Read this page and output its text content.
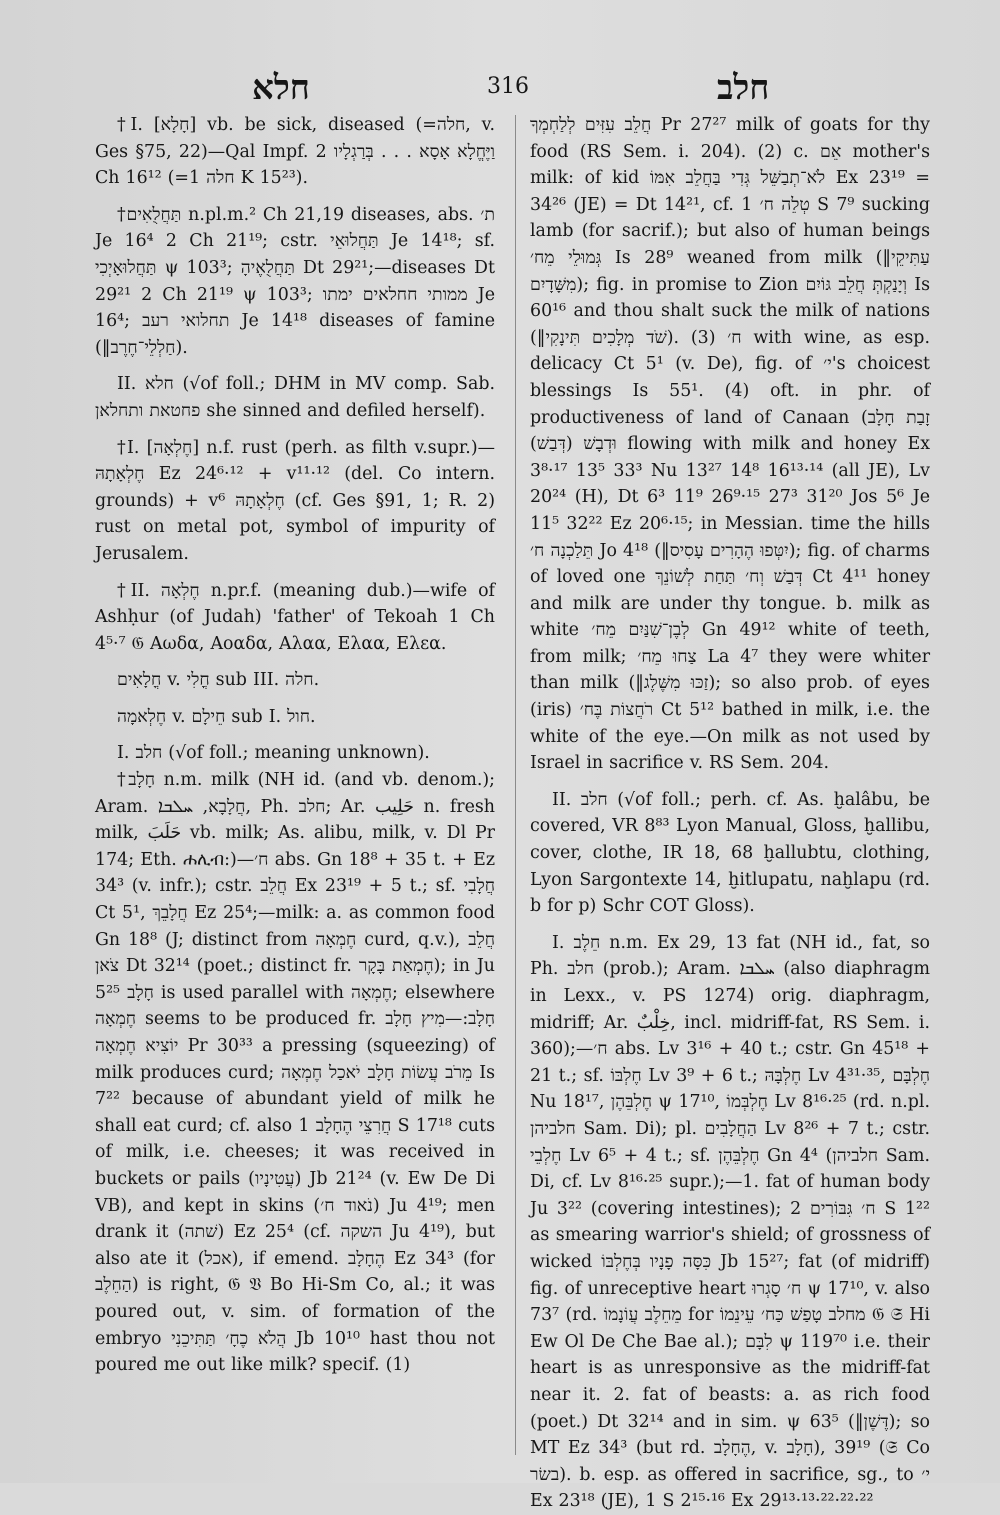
חלא	316	חלב

†I. [חָלָא] vb. be sick, diseased (=חלה, v. Ges §75, 22)—Qal Impf. וַיֶּחֱלָא אָסָא . . . בְּרַגְלָיו 2 Ch 16¹² (=חלה 1 K 15²³).

†תַּחֲלֻאִים n.pl.m.² Ch 21,19 diseases, abs. ת׳ Je 16⁴ 2 Ch 21¹⁹; cstr. תַּחֲלוּאֵי Je 14¹⁸; sf. תַּחֲלוּאָיְכִי ψ 103³; תַּחֲלֻאֶיהָ Dt 29²¹;—diseases Dt 29²¹ 2 Ch 21¹⁹ ψ 103³; ממותי חחלאים ימתו Je 16⁴; תחלואי רעב Je 14¹⁸ diseases of famine (‖חַלְלֵי־חֶרֶב).

II. חלא (√of foll.; DHM in MV comp. Sab. פחטאת ותחלאן she sinned and defiled herself).

†I. [חֶלְאָה] n.f. rust (perh. as filth v.supr.)—חֶלְאָתָהּ Ez 24⁶·¹² + v¹¹·¹² (del. Co intern. grounds) + v⁶ חֶלְאָתָהּ (cf. Ges §91, 1; R. 2) rust on metal pot, symbol of impurity of Jerusalem.

†II. חֶלְאָה n.pr.f. (meaning dub.)—wife of Ashḥur (of Judah) 'father' of Tekoah 1 Ch 4⁵·⁷ 𝔊 Αωδα, Αοαδα, Αλαα, Ελαα, Ελεα.

חֳלָאִים v. חֳלִי sub III. חלה.

חֶלְאמָה v. חֵילָם sub I. חול.

I. חלב (√of foll.; meaning unknown).

†חָלָב n.m. milk (NH id. (and vb. denom.); Aram. חֲלָבָא, ܚܠܒܐ, Ph. חלב; Ar. حَلِيب n. fresh milk, حَلَبَ vb. milk; As. alibu, milk, v. Dl Pr 174; Eth. ሐሊብ:)—ח׳ abs. Gn 18⁸ + 35 t. + Ez 34³ (v. infr.); cstr. חֲלֵב Ex 23¹⁹ + 5 t.; sf. חֲלָבִי Ct 5¹, חֲלָבֵךְ Ez 25⁴;—milk: a. as common food Gn 18⁸ (J; distinct from חֶמְאָה curd, q.v.), חֲלֵב צֹאן Dt 32¹⁴ (poet.; distinct fr. חֶמְאַת בָּקָר); in Ju 5²⁵ חָלָב is used parallel with חֶמְאָה; elsewhere חֶמְאָה seems to be produced fr. חָלָב:—מִיץ חָלָב יוֹצִיא חֶמְאָה Pr 30³³ a pressing (squeezing) of milk produces curd; מֵרֹב עֲשׂוֹת חָלָב יֹאכַל חֶמְאָה Is 7²² because of abundant yield of milk he shall eat curd; cf. also חֲרִצֵי הֶחָלָב 1 S 17¹⁸ cuts of milk, i.e. cheeses; it was received in buckets or pails (עֲטִינָיו) Jb 21²⁴ (v. Ew De Di VB), and kept in skins (נֹאוד ח׳) Ju 4¹⁹; men drank it (שׁתה) Ez 25⁴ (cf. השקה Ju 4¹⁹), but also ate it (אכל), if emend. הֶחָלָב Ez 34³ (for הַחֵלֶב) is right, 𝔊 𝔙 Bo Hi-Sm Co, al.; it was poured out, v. sim. of formation of the embryo הֲלֹא כֶחָ׳ תַּתִּיכֵנִי Jb 10¹⁰ hast thou not poured me out like milk? specif. (1)

חֲלֵב עִזִּים לְלַחְמְךָ Pr 27²⁷ milk of goats for thy food (RS Sem. i. 204). (2) c. אֵם mother's milk: of kid לֹא־תְבַשֵּׁל גְּדִי בַּחֲלֵב אִמּוֹ Ex 23¹⁹ = 34²⁶ (JE) = Dt 14²¹, cf. טְלֵה ח׳ 1 S 7⁹ sucking lamb (for sacrif.); but also of human beings גְּמוּלֵי מֵח׳ Is 28⁹ weaned from milk (‖עַתִּיקֵי מִשָּׁדָיִם); fig. in promise to Zion וְיָנַקְתְּ חֲלֵב גּוֹיִם Is 60¹⁶ and thou shalt suck the milk of nations (‖שֹׁד מְלָכִים תִּינָקִי). (3) ח׳ with wine, as esp. delicacy Ct 5¹ (v. De), fig. of י׳'s choicest blessings Is 55¹. (4) oft. in phr. of productiveness of land of Canaan (זָבַת חָלָב וּדְבָשׁ (דְּבַשׁ) flowing with milk and honey Ex 3⁸·¹⁷ 13⁵ 33³ Nu 13²⁷ 14⁸ 16¹³·¹⁴ (all JE), Lv 20²⁴ (H), Dt 6³ 11⁹ 26⁹·¹⁵ 27³ 31²⁰ Jos 5⁶ Je 11⁵ 32²² Ez 20⁶·¹⁵; in Messian. time the hills תֵּלַכְנָה ח׳ Jo 4¹⁸ (‖יִטְּפוּ הֶהָרִים עָסִיס); fig. of charms of loved one דְּבַשׁ וְח׳ תַּחַת לְשׁוֹנֵךְ Ct 4¹¹ honey and milk are under thy tongue. b. milk as white לְבֶן־שִׁנַּיִם מֵח׳ Gn 49¹² white of teeth, from milk; צַחוּ מֵח׳ La 4⁷ they were whiter than milk (‖זַכּוּ מִשֶּׁלֶג); so also prob. of eyes (iris) רֹחֲצוֹת בֶּח׳ Ct 5¹² bathed in milk, i.e. the white of the eye.—On milk as not used by Israel in sacrifice v. RS Sem. 204.

II. חלב (√of foll.; perh. cf. As. ḫalâbu, be covered, VR 8⁸³ Lyon Manual, Gloss, ḫallibu, cover, clothe, IR 18, 68 ḫallubtu, clothing, Lyon Sargontexte 14, ḫitlupatu, naḫlapu (rd. b for p) Schr COT Gloss).

I. חֵלֶב n.m. Ex 29, 13 fat (NH id., fat, so Ph. חלב (prob.); Aram. ܚܠܒܐ (also diaphragm in Lexx., v. PS 1274) orig. diaphragm, midriff; Ar. خِلْبٌ, incl. midriff-fat, RS Sem. i. 360);—ח׳ abs. Lv 3¹⁶ + 40 t.; cstr. Gn 45¹⁸ + 21 t.; sf. חֶלְבּוֹ Lv 3⁹ + 6 t.; חֶלְבָּהּ Lv 4³¹·³⁵, חֶלְבָּם Nu 18¹⁷, חֶלְבֵּהֶן ψ 17¹⁰, חֶלְבְּמוֹ Lv 8¹⁶·²⁵ (rd. n.pl. חלביהן Sam. Di); pl. הַחֲלָבִים Lv 8²⁶ + 7 t.; cstr. חֶלְבֵי Lv 6⁵ + 4 t.; sf. חֶלְבֵּהֶן Gn 4⁴ (חלביהן Sam. Di, cf. Lv 8¹⁶·²⁵ supr.);—1. fat of human body Ju 3²² (covering intestines); ח׳ גִּבּוֹרִים 2 S 1²² as smearing warrior's shield; of grossness of wicked כִּסָּה פָנָיו בְּחֶלְבּוֹ Jb 15²⁷; fat (of midriff) fig. of unreceptive heart ח׳ סָגְרוּ ψ 17¹⁰, v. also 73⁷ (rd. מֵחֵלֶב עֲוֹנָמוֹ for מחלב טָפַשׁ כַּח׳ עֵינֵמוֹ 𝔊 𝔖 Hi Ew Ol De Che Bae al.); לִבָּם ψ 119⁷⁰ i.e. their heart is as unresponsive as the midriff-fat near it. 2. fat of beasts: a. as rich food (poet.) Dt 32¹⁴ and in sim. ψ 63⁵ (‖דֶּשֶׁן); so MT Ez 34³ (but rd. הֶחָלָב, v. חָלָב), 39¹⁹ (𝔖 Co בשׂר). b. esp. as offered in sacrifice, sg., to י׳ Ex 23¹⁸ (JE), 1 S 2¹⁵·¹⁶ Ex 29¹³·¹³·²²·²²·²²
